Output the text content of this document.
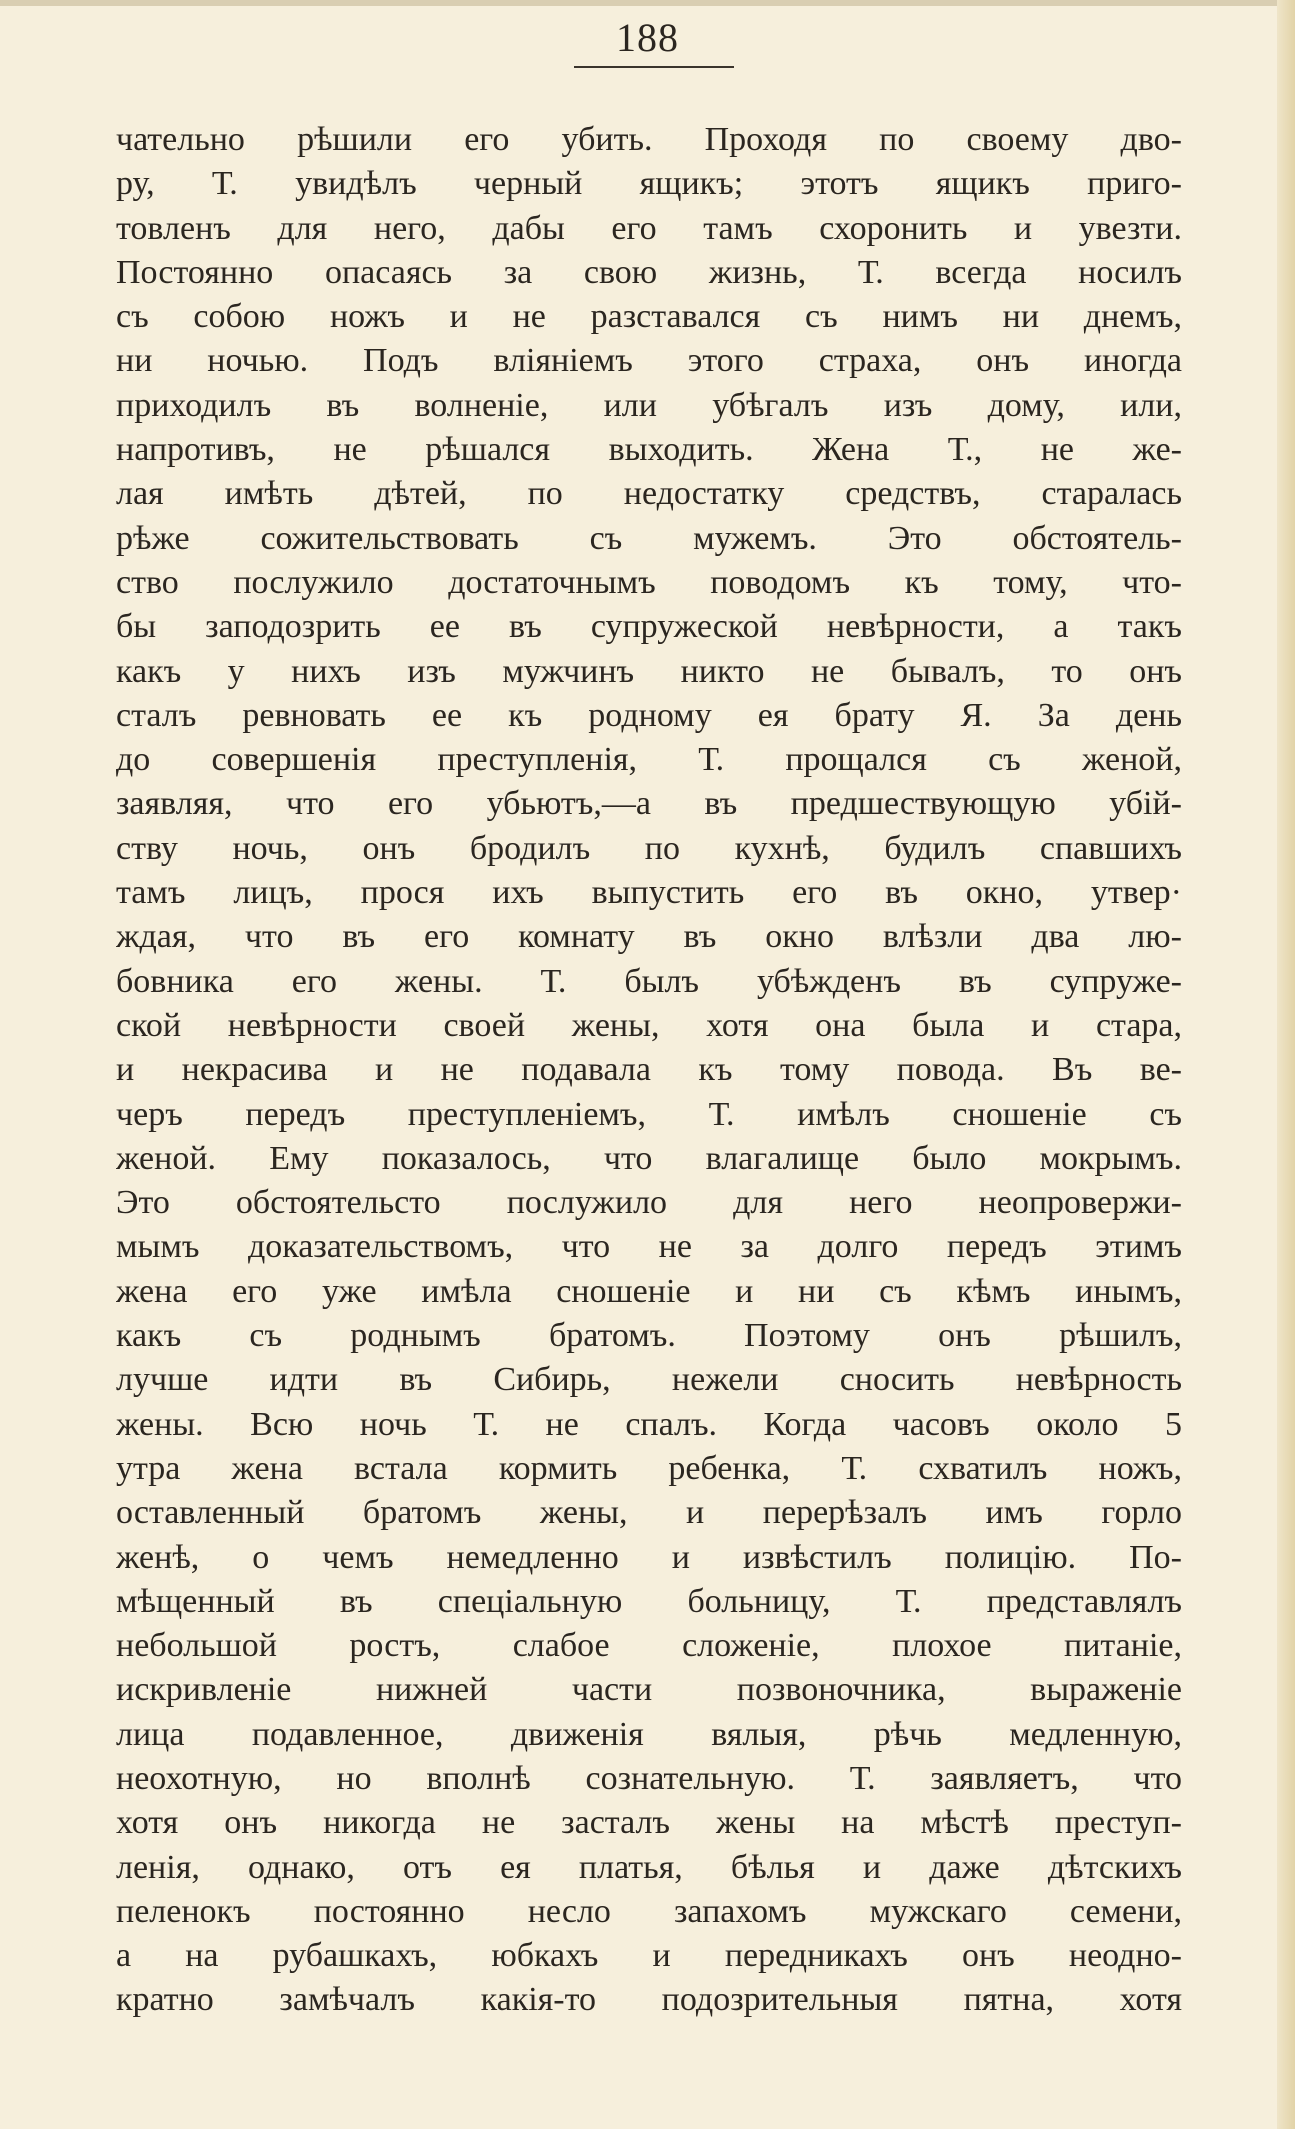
188
чательно рѣшили его убить. Проходя по своему дво-
ру, Т. увидѣлъ черный ящикъ; этотъ ящикъ приго-
товленъ для него, дабы его тамъ схоронить и увезти.
Постоянно опасаясь за свою жизнь, Т. всегда носилъ
съ собою ножъ и не разставался съ нимъ ни днемъ,
ни ночью. Подъ вліяніемъ этого страха, онъ иногда
приходилъ въ волненіе, или убѣгалъ изъ дому, или,
напротивъ, не рѣшался выходить. Жена Т., не же-
лая имѣть дѣтей, по недостатку средствъ, старалась
рѣже сожительствовать съ мужемъ. Это обстоятель-
ство послужило достаточнымъ поводомъ къ тому, что-
бы заподозрить ее въ супружеской невѣрности, а такъ
какъ у нихъ изъ мужчинъ никто не бывалъ, то онъ
сталъ ревновать ее къ родному ея брату Я. За день
до совершенія преступленія, Т. прощался съ женой,
заявляя, что его убьютъ,—а въ предшествующую убій-
ству ночь, онъ бродилъ по кухнѣ, будилъ спавшихъ
тамъ лицъ, прося ихъ выпустить его въ окно, утвер·
ждая, что въ его комнату въ окно влѣзли два лю-
бовника его жены. Т. былъ убѣжденъ въ супруже-
ской невѣрности своей жены, хотя она была и стара,
и некрасива и не подавала къ тому повода. Въ ве-
черъ передъ преступленіемъ, Т. имѣлъ сношеніе съ
женой. Ему показалось, что влагалище было мокрымъ.
Это обстоятельсто послужило для него неопровержи-
мымъ доказательствомъ, что не за долго передъ этимъ
жена его уже имѣла сношеніе и ни съ кѣмъ инымъ,
какъ съ роднымъ братомъ. Поэтому онъ рѣшилъ,
лучше идти въ Сибирь, нежели сносить невѣрность
жены. Всю ночь Т. не спалъ. Когда часовъ около 5
утра жена встала кормить ребенка, Т. схватилъ ножъ,
оставленный братомъ жены, и перерѣзалъ имъ горло
женѣ, о чемъ немедленно и извѣстилъ полицію. По-
мѣщенный въ спеціальную больницу, Т. представлялъ
небольшой ростъ, слабое сложеніе, плохое питаніе,
искривленіе нижней части позвоночника, выраженіе
лица подавленное, движенія вялыя, рѣчь медленную,
неохотную, но вполнѣ сознательную. Т. заявляетъ, что
хотя онъ никогда не засталъ жены на мѣстѣ преступ-
ленія, однако, отъ ея платья, бѣлья и даже дѣтскихъ
пеленокъ постоянно несло запахомъ мужскаго семени,
а на рубашкахъ, юбкахъ и передникахъ онъ неодно-
кратно замѣчалъ какія-то подозрительныя пятна, хотя
